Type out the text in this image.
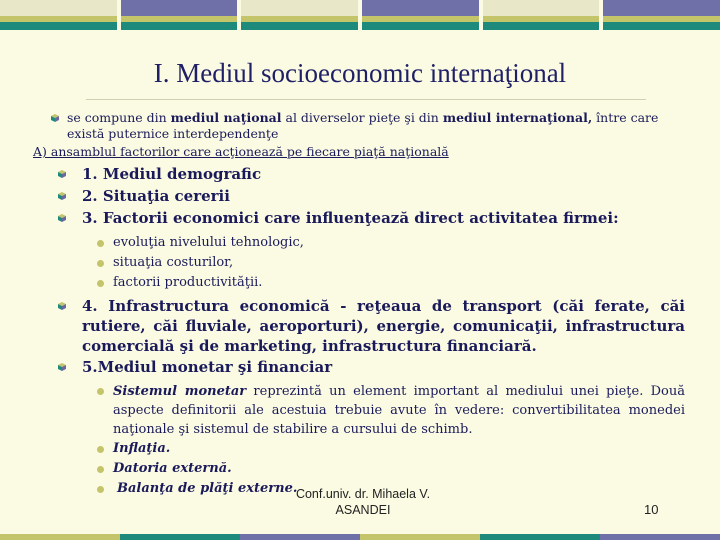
I. Mediul socioeconomic internaţional
se compune din mediul naţional al diverselor pieţe şi din mediul internaţional, între care există puternice interdependenţe
A) ansamblul factorilor care acţionează pe fiecare piaţă naţională
1. Mediul demografic
2. Situaţia cererii
3. Factorii economici care influenţează direct activitatea firmei:
evoluţia nivelului tehnologic,
situaţia costurilor,
factorii productivităţii.
4. Infrastructura economică - reţeaua de transport (căi ferate, căi rutiere, căi fluviale, aeroporturi), energie, comunicaţii, infrastructura comercială şi de marketing, infrastructura financiară.
5.Mediul monetar şi financiar
Sistemul monetar reprezintă un element important al mediului unei pieţe. Două aspecte definitorii ale acestuia trebuie avute în vedere: convertibilitatea monedei naţionale şi sistemul de stabilire a cursului de schimb.
Inflaţia.
Datoria externă.
Balanţa de plăţi externe.
Conf.univ. dr. Mihaela V.
ASANDEI	10
